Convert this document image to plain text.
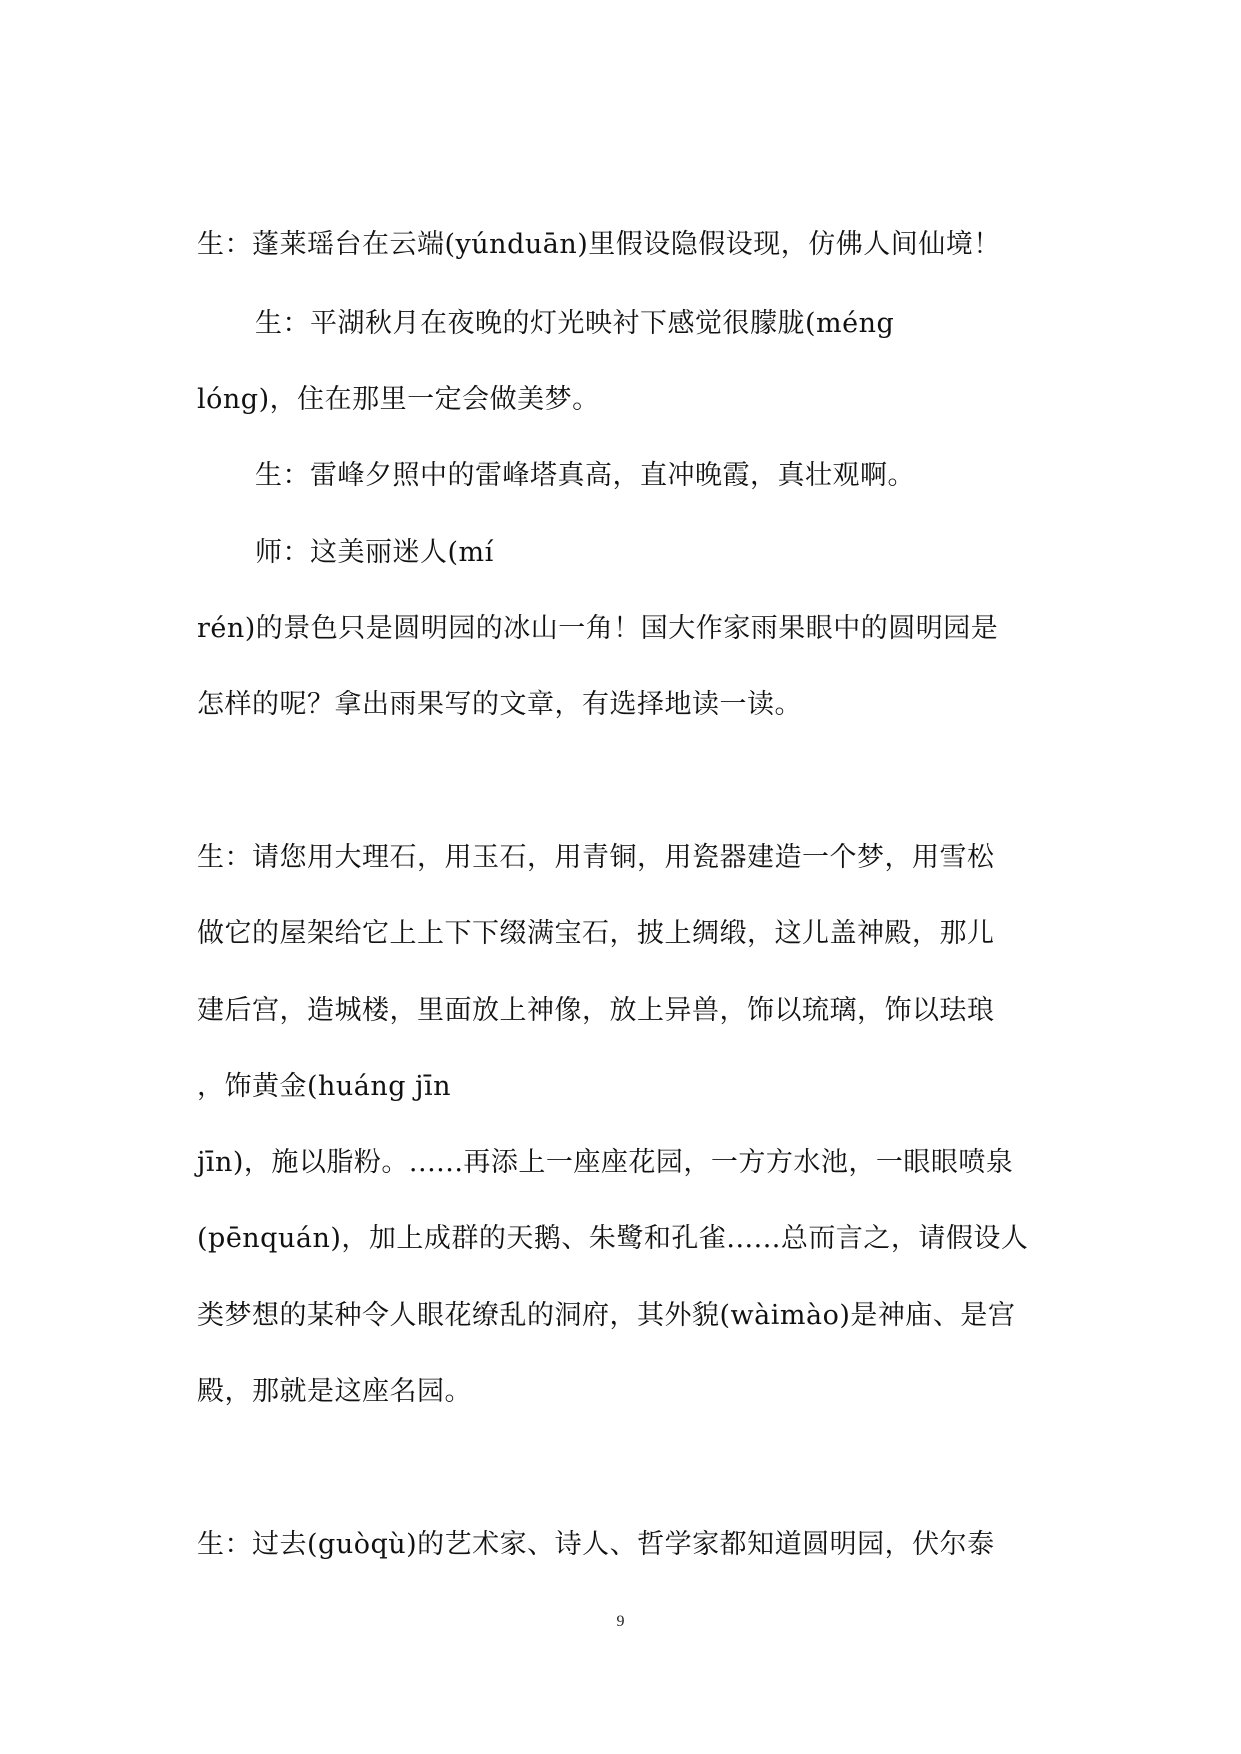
生：蓬莱瑶台在云端(yúnduān)里假设隐假设现，仿佛人间仙境！
生：平湖秋月在夜晚的灯光映衬下感觉很朦胧(méng
lóng)，住在那里一定会做美梦。
生：雷峰夕照中的雷峰塔真高，直冲晚霞，真壮观啊。
师：这美丽迷人(mí
rén)的景色只是圆明园的冰山一角！国大作家雨果眼中的圆明园是
怎样的呢？拿出雨果写的文章，有选择地读一读。
生：请您用大理石，用玉石，用青铜，用瓷器建造一个梦，用雪松
做它的屋架给它上上下下缀满宝石，披上绸缎，这儿盖神殿，那儿
建后宫，造城楼，里面放上神像，放上异兽，饰以琉璃，饰以珐琅
，饰黄金(huáng jīn
jīn)，施以脂粉。......再添上一座座花园，一方方水池，一眼眼喷泉
(pēnquán)，加上成群的天鹅、朱鹭和孔雀......总而言之，请假设人
类梦想的某种令人眼花缭乱的洞府，其外貌(wàimào)是神庙、是宫
殿，那就是这座名园。
生：过去(guòqù)的艺术家、诗人、哲学家都知道圆明园，伏尔泰
9
